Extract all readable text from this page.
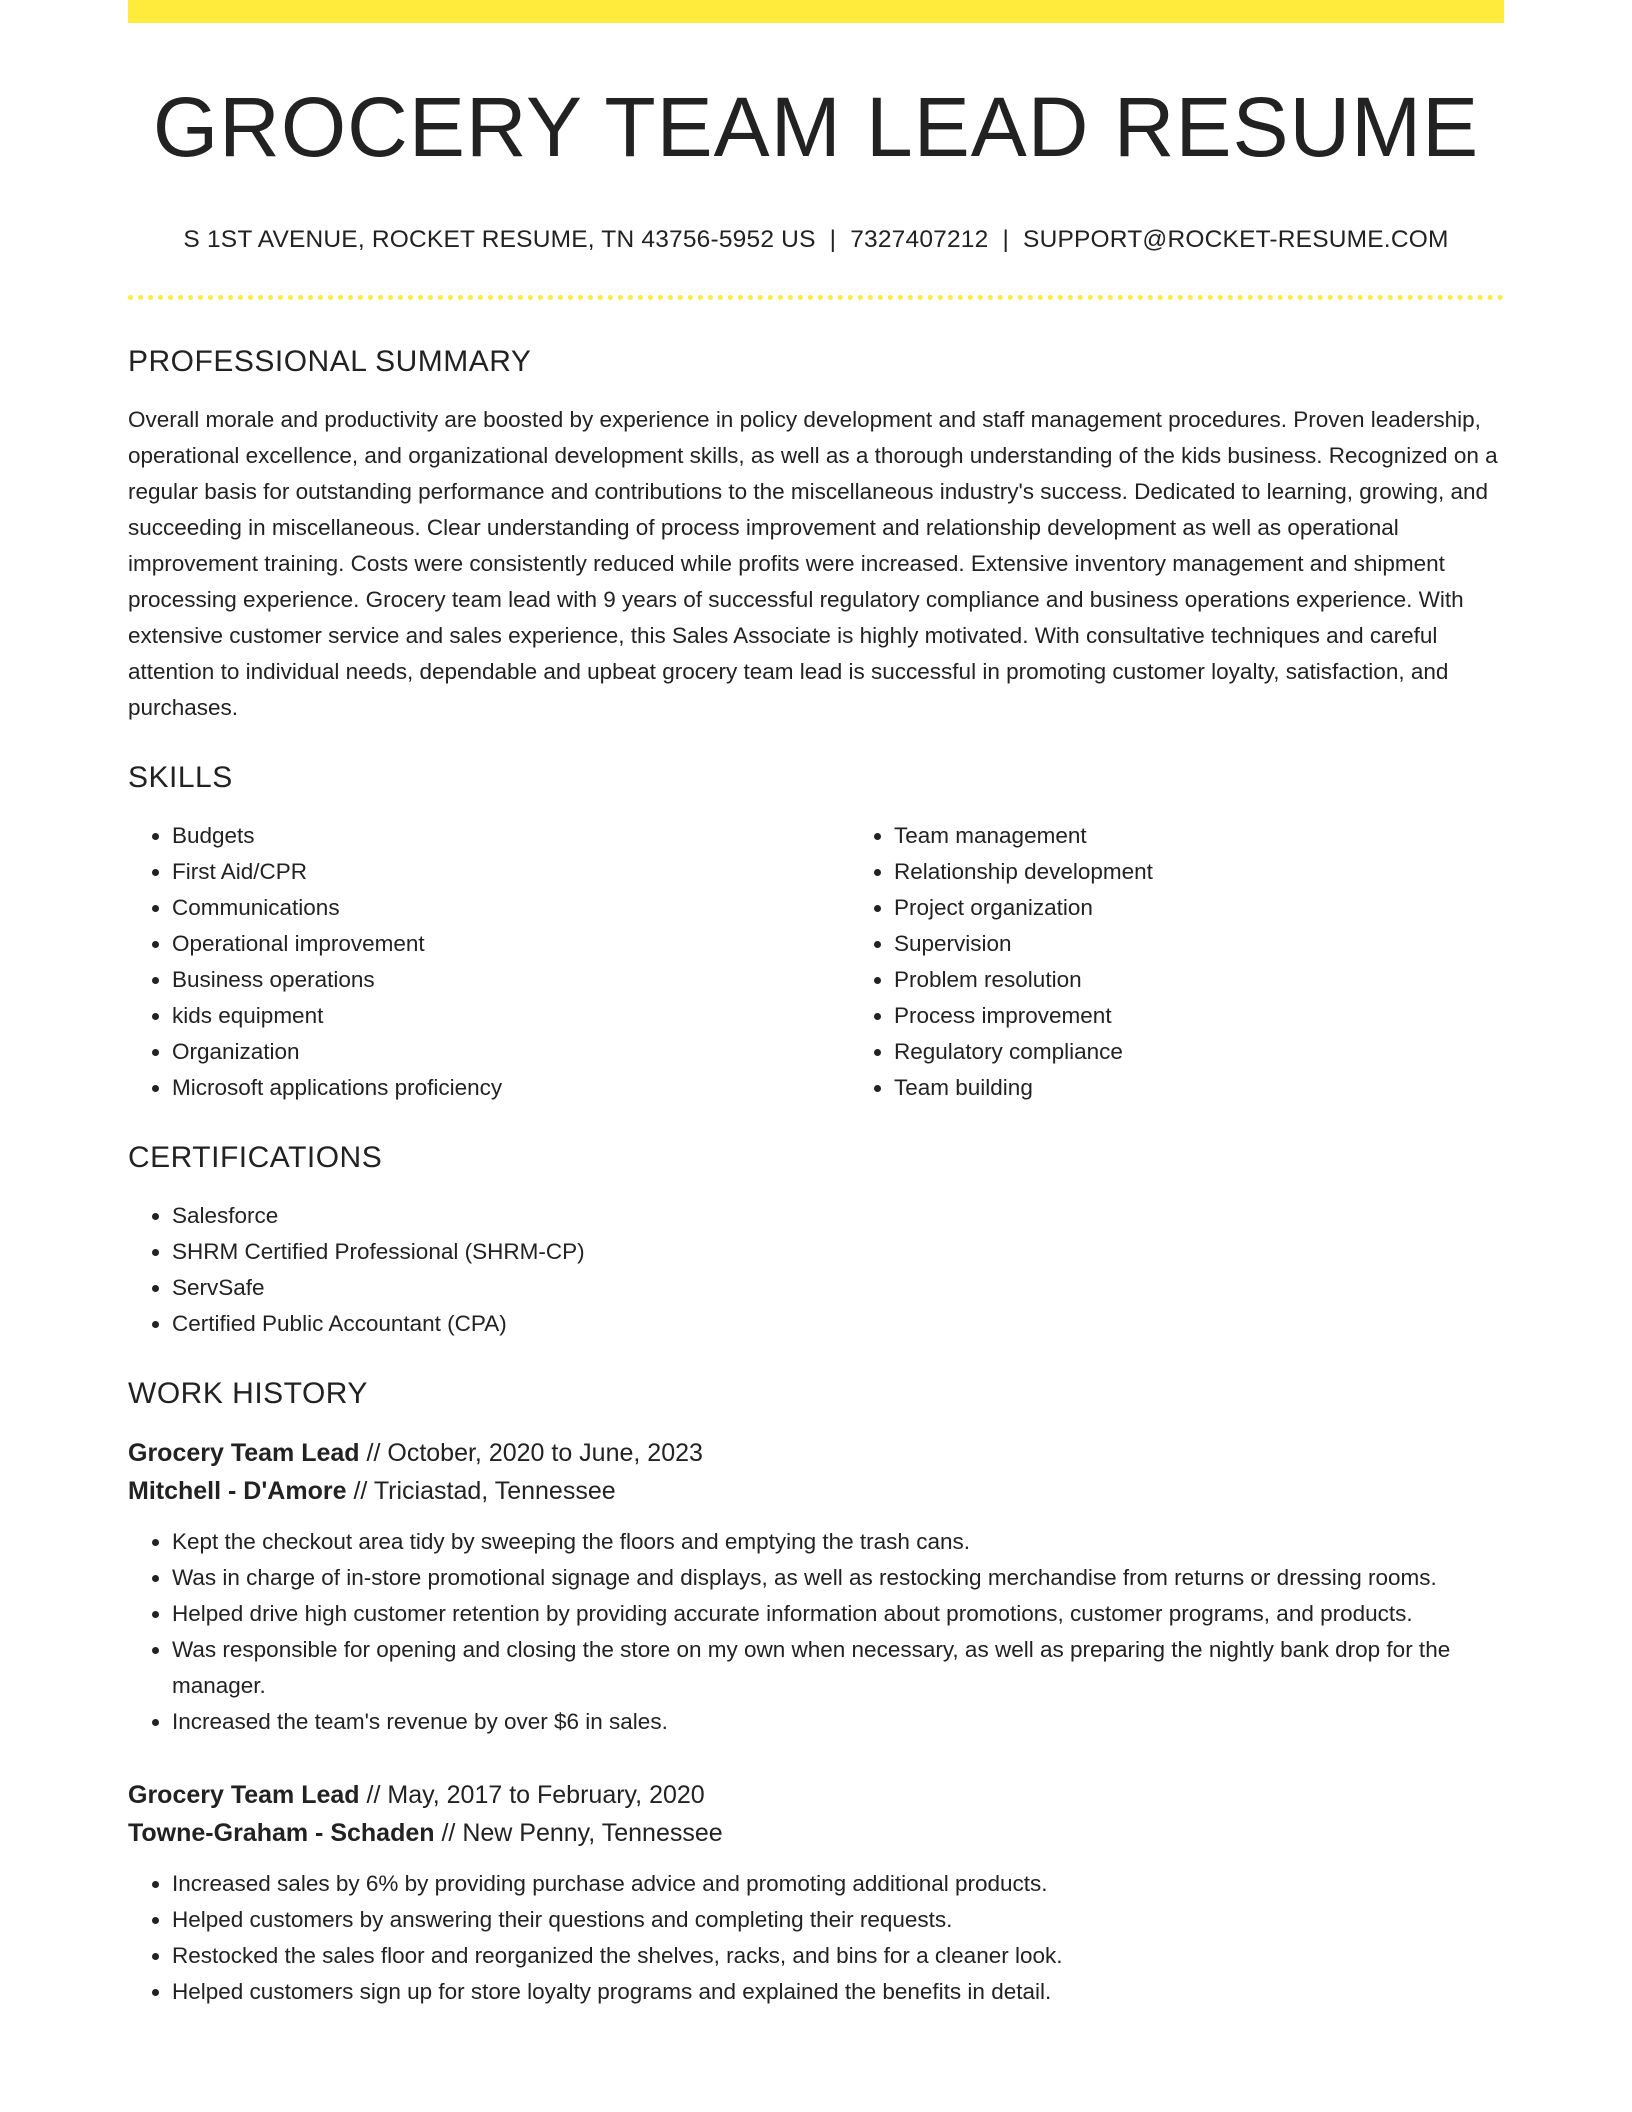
GROCERY TEAM LEAD RESUME
S 1ST AVENUE, ROCKET RESUME, TN 43756-5952 US | 7327407212 | SUPPORT@ROCKET-RESUME.COM
PROFESSIONAL SUMMARY

Overall morale and productivity are boosted by experience in policy development and staff management procedures. Proven leadership, operational excellence, and organizational development skills, as well as a thorough understanding of the kids business. Recognized on a regular basis for outstanding performance and contributions to the miscellaneous industry's success. Dedicated to learning, growing, and succeeding in miscellaneous. Clear understanding of process improvement and relationship development as well as operational improvement training. Costs were consistently reduced while profits were increased. Extensive inventory management and shipment processing experience. Grocery team lead with 9 years of successful regulatory compliance and business operations experience. With extensive customer service and sales experience, this Sales Associate is highly motivated. With consultative techniques and careful attention to individual needs, dependable and upbeat grocery team lead is successful in promoting customer loyalty, satisfaction, and purchases.

SKILLS
• Budgets
• First Aid/CPR
• Communications
• Operational improvement
• Business operations
• kids equipment
• Organization
• Microsoft applications proficiency
• Team management
• Relationship development
• Project organization
• Supervision
• Problem resolution
• Process improvement
• Regulatory compliance
• Team building
CERTIFICATIONS
• Salesforce
• SHRM Certified Professional (SHRM-CP)
• ServSafe
• Certified Public Accountant (CPA)
WORK HISTORY
Grocery Team Lead // October, 2020 to June, 2023
Mitchell - D'Amore // Triciastad, Tennessee
• Kept the checkout area tidy by sweeping the floors and emptying the trash cans.
• Was in charge of in-store promotional signage and displays, as well as restocking merchandise from returns or dressing rooms.
• Helped drive high customer retention by providing accurate information about promotions, customer programs, and products.
• Was responsible for opening and closing the store on my own when necessary, as well as preparing the nightly bank drop for the manager.
• Increased the team's revenue by over $6 in sales.
Grocery Team Lead // May, 2017 to February, 2020
Towne-Graham - Schaden // New Penny, Tennessee
• Increased sales by 6% by providing purchase advice and promoting additional products.
• Helped customers by answering their questions and completing their requests.
• Restocked the sales floor and reorganized the shelves, racks, and bins for a cleaner look.
• Helped customers sign up for store loyalty programs and explained the benefits in detail.
